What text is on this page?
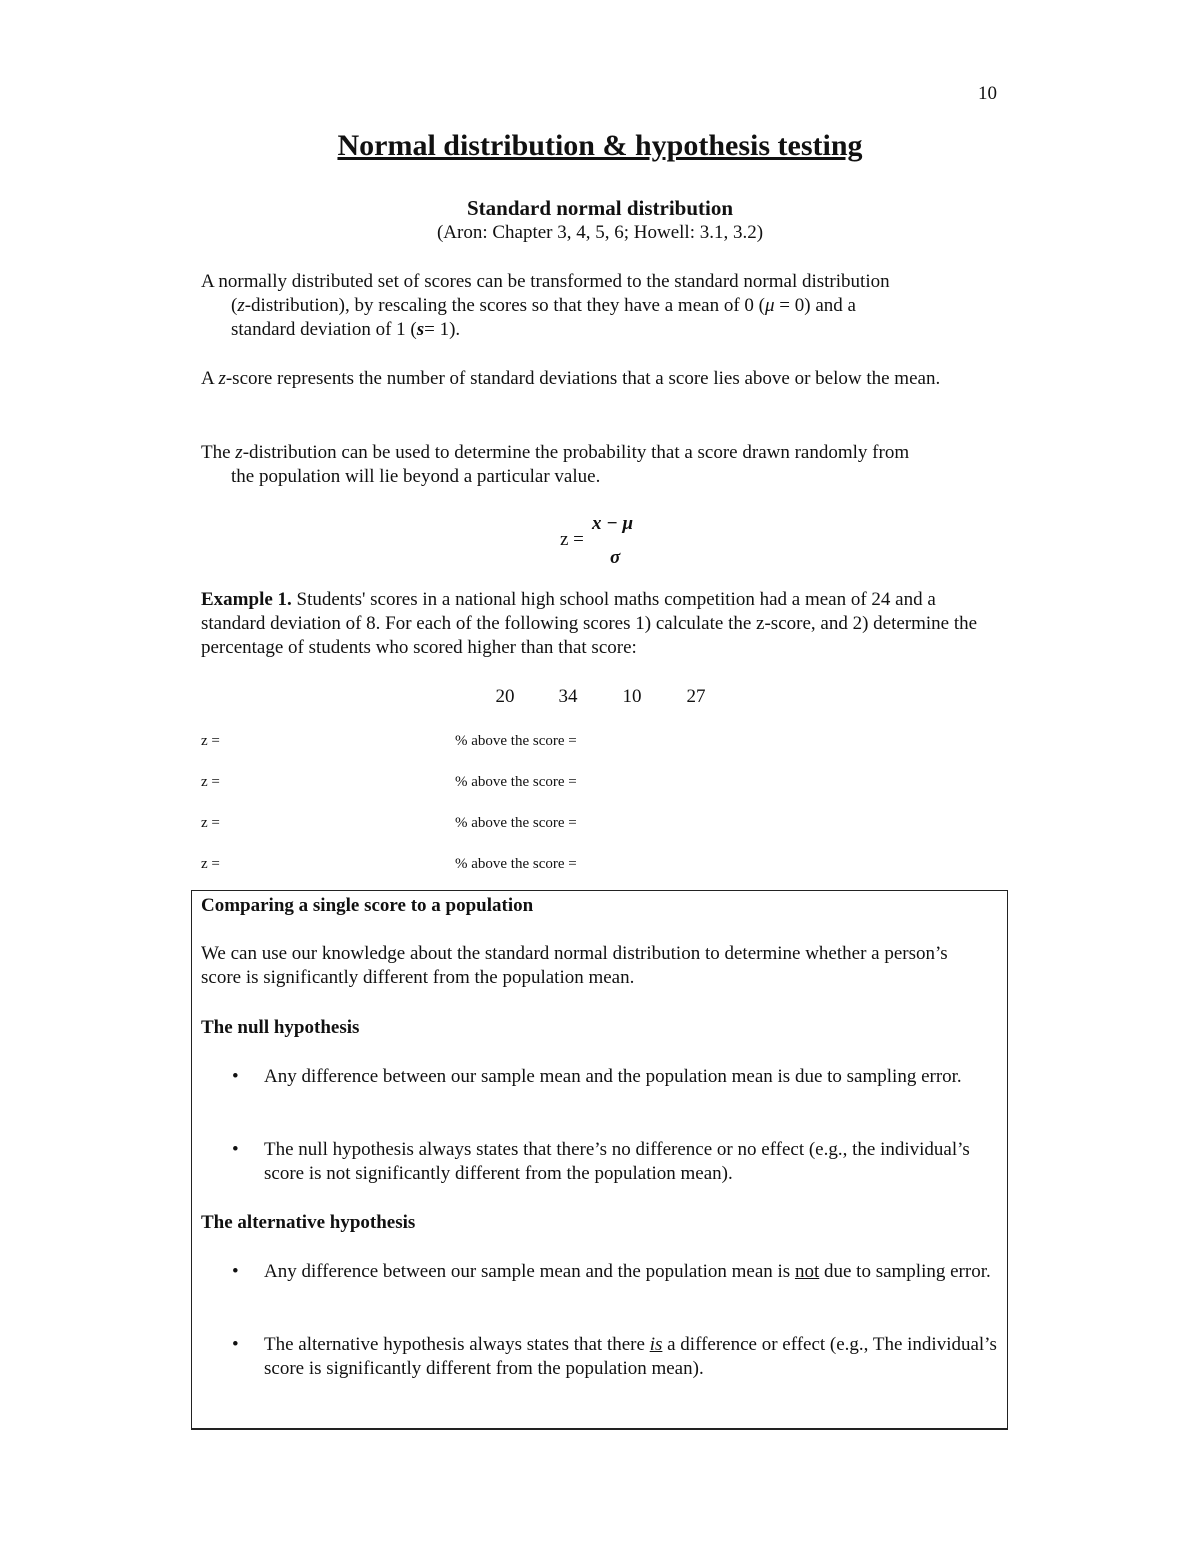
10
Normal distribution & hypothesis testing
Standard normal distribution
(Aron: Chapter 3, 4, 5, 6; Howell: 3.1, 3.2)
A normally distributed set of scores can be transformed to the standard normal distribution
(z-distribution), by rescaling the scores so that they have a mean of 0 (μ = 0) and a
standard deviation of 1 (s= 1).
A z-score represents the number of standard deviations that a score lies above or below the mean.
The z-distribution can be used to determine the probability that a score drawn randomly from
the population will lie beyond a particular value.
z =
x − μ
σ
Example 1. Students' scores in a national high school maths competition had a mean of 24 and a standard deviation of 8. For each of the following scores 1) calculate the z-score, and 2) determine the percentage of students who scored higher than that score:
20	34	10	27
z =	% above the score =
z =	% above the score =
z =	% above the score =
z =	% above the score =
Comparing a single score to a population
We can use our knowledge about the standard normal distribution to determine whether a person’s score is significantly different from the population mean.
The null hypothesis
• Any difference between our sample mean and the population mean is due to sampling error.
• The null hypothesis always states that there’s no difference or no effect (e.g., the individual’s score is not significantly different from the population mean).
The alternative hypothesis
• Any difference between our sample mean and the population mean is not due to sampling error.
• The alternative hypothesis always states that there is a difference or effect (e.g., The individual’s score is significantly different from the population mean).
